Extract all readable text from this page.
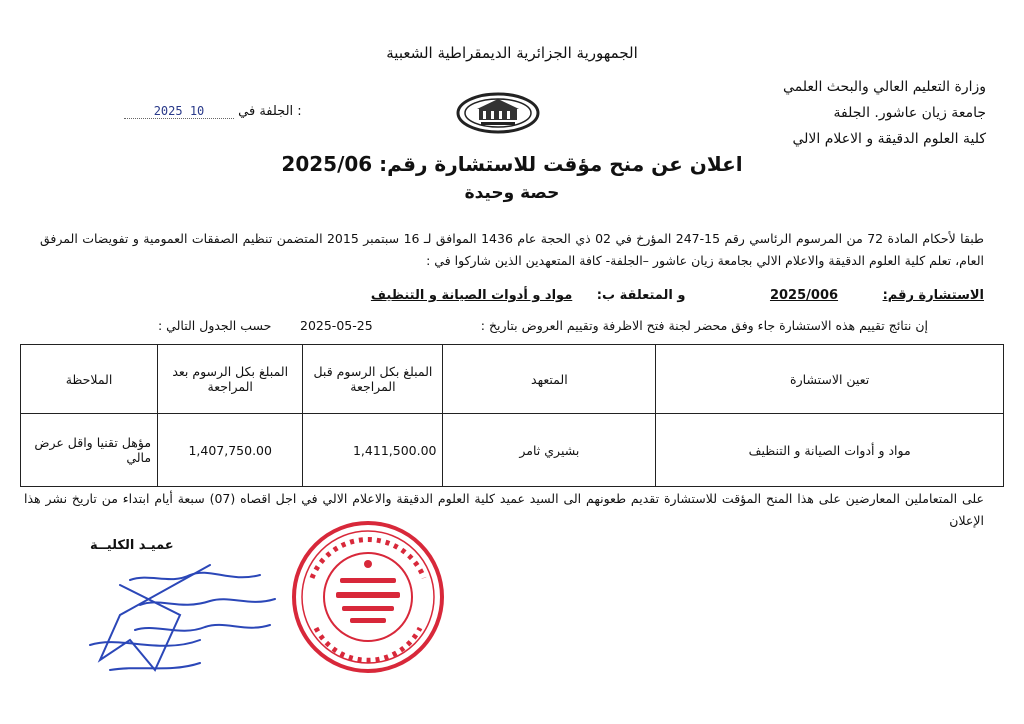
الجمهورية الجزائرية الديمقراطية الشعبية
وزارة التعليم العالي والبحث العلمي
جامعة زيان عاشور. الجلفة
كلية العلوم الدقيقة و الاعلام الالي
2025 10	الجلفة في :
اعلان عن منح مؤقت للاستشارة رقم: 2025/06
حصة وحيدة
طبقا لأحكام المادة 72 من المرسوم الرئاسي رقم 15-247 المؤرخ في 02 ذي الحجة عام 1436 الموافق لـ 16 سبتمبر 2015 المتضمن تنظيم الصفقات العمومية و تفويضات المرفق العام، تعلم كلية العلوم الدقيقة والاعلام الالي بجامعة زيان عاشور –الجلفة- كافة المتعهدين الذين شاركوا في :
الاستشارة رقم: 2025/006 و المتعلقة ب: مواد و أدوات الصيانة و التنظيف
إن نتائج تقييم هذه الاستشارة جاء وفق محضر لجنة فتح الاظرفة وتقييم العروض بتاريخ :
2025-05-25
حسب الجدول التالي :
تعين الاستشارة	المتعهد	المبلغ بكل الرسوم قبل المراجعة	المبلغ بكل الرسوم بعد المراجعة	الملاحظة
مواد و أدوات الصيانة و التنظيف	بشيري ثامر	1,411,500.00	1,407,750.00	مؤهل تقنيا واقل عرض مالي
على المتعاملين المعارضين على هذا المنح المؤقت للاستشارة تقديم طعونهم الى السيد عميد كلية العلوم الدقيقة والاعلام الالي في اجل اقصاه (07) سبعة أيام ابتداء من تاريخ نشر هذا الإعلان
عميـد الكليــة
